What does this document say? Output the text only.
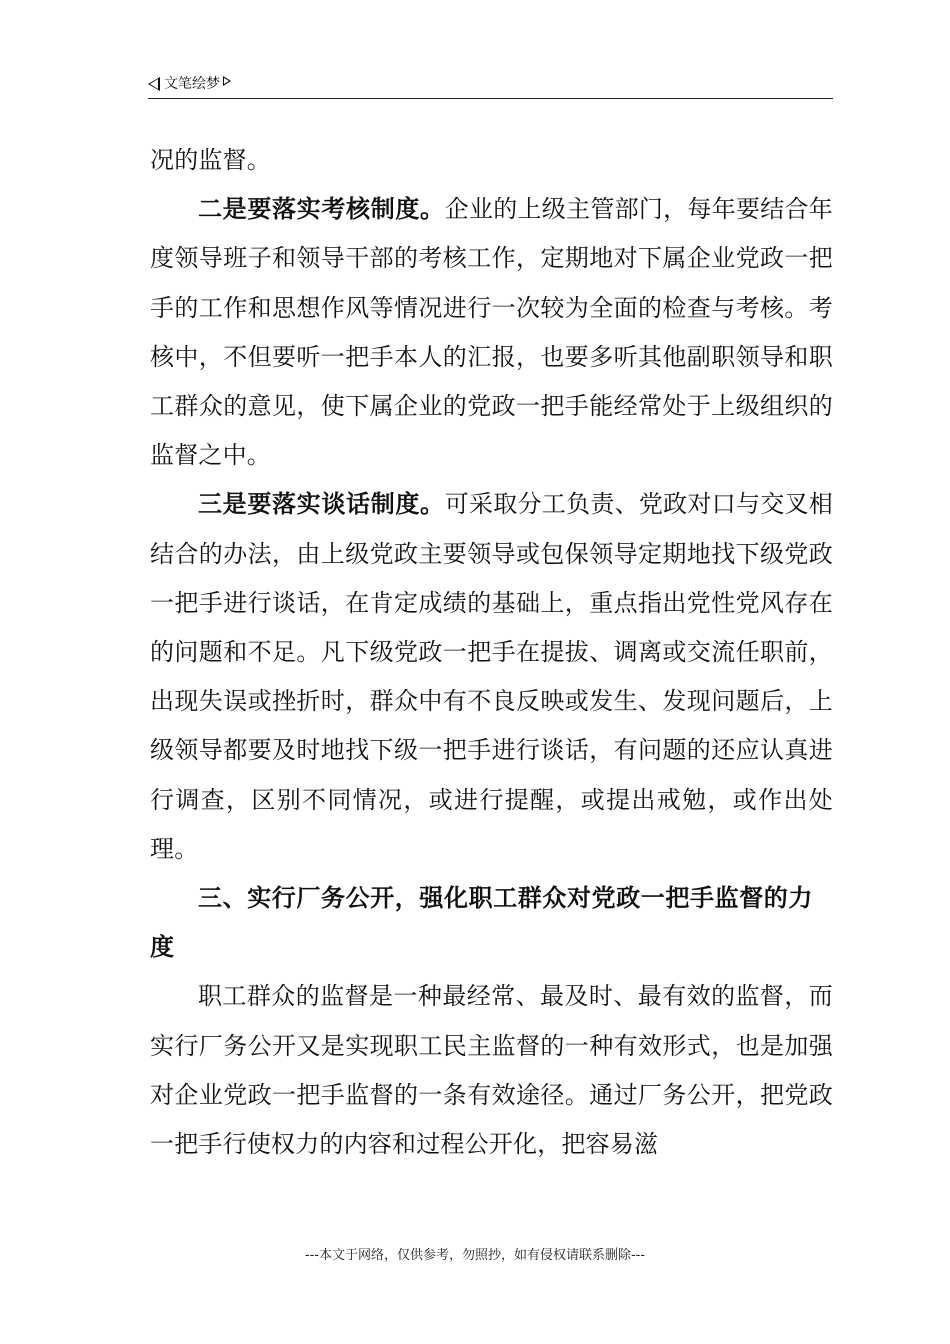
文笔绘梦

况的监督。

二是要落实考核制度。企业的上级主管部门，每年要结合年度领导班子和领导干部的考核工作，定期地对下属企业党政一把手的工作和思想作风等情况进行一次较为全面的检查与考核。考核中，不但要听一把手本人的汇报，也要多听其他副职领导和职工群众的意见，使下属企业的党政一把手能经常处于上级组织的监督之中。

三是要落实谈话制度。可采取分工负责、党政对口与交叉相结合的办法，由上级党政主要领导或包保领导定期地找下级党政一把手进行谈话，在肯定成绩的基础上，重点指出党性党风存在的问题和不足。凡下级党政一把手在提拔、调离或交流任职前，出现失误或挫折时，群众中有不良反映或发生、发现问题后，上级领导都要及时地找下级一把手进行谈话，有问题的还应认真进行调查，区别不同情况，或进行提醒，或提出戒勉，或作出处理。

三、实行厂务公开，强化职工群众对党政一把手监督的力度

职工群众的监督是一种最经常、最及时、最有效的监督，而实行厂务公开又是实现职工民主监督的一种有效形式，也是加强对企业党政一把手监督的一条有效途径。通过厂务公开，把党政一把手行使权力的内容和过程公开化，把容易滋

---本文于网络，仅供参考，勿照抄，如有侵权请联系删除---
